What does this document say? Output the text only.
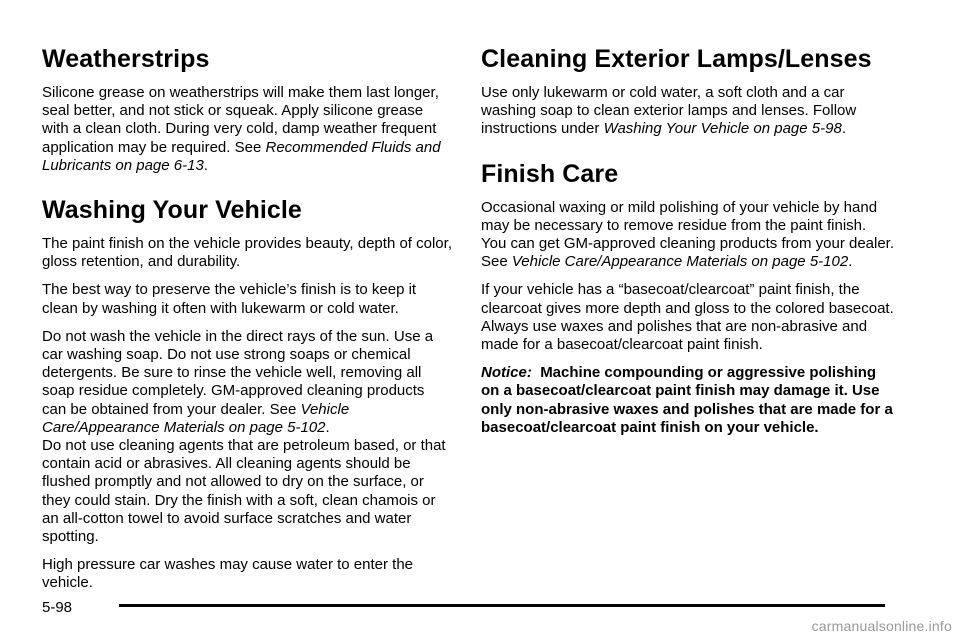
Weatherstrips

Silicone grease on weatherstrips will make them last longer, seal better, and not stick or squeak. Apply silicone grease with a clean cloth. During very cold, damp weather frequent application may be required. See Recommended Fluids and Lubricants on page 6-13.

Washing Your Vehicle

The paint finish on the vehicle provides beauty, depth of color, gloss retention, and durability.

The best way to preserve the vehicle’s finish is to keep it clean by washing it often with lukewarm or cold water.

Do not wash the vehicle in the direct rays of the sun. Use a car washing soap. Do not use strong soaps or chemical detergents. Be sure to rinse the vehicle well, removing all soap residue completely. GM-approved cleaning products can be obtained from your dealer. See Vehicle Care/Appearance Materials on page 5-102.
Do not use cleaning agents that are petroleum based, or that contain acid or abrasives. All cleaning agents should be flushed promptly and not allowed to dry on the surface, or they could stain. Dry the finish with a soft, clean chamois or an all-cotton towel to avoid surface scratches and water spotting.

High pressure car washes may cause water to enter the vehicle.

Cleaning Exterior Lamps/Lenses

Use only lukewarm or cold water, a soft cloth and a car washing soap to clean exterior lamps and lenses. Follow instructions under Washing Your Vehicle on page 5-98.

Finish Care

Occasional waxing or mild polishing of your vehicle by hand may be necessary to remove residue from the paint finish. You can get GM-approved cleaning products from your dealer. See Vehicle Care/Appearance Materials on page 5-102.

If your vehicle has a “basecoat/clearcoat” paint finish, the clearcoat gives more depth and gloss to the colored basecoat. Always use waxes and polishes that are non-abrasive and made for a basecoat/clearcoat paint finish.

Notice: Machine compounding or aggressive polishing on a basecoat/clearcoat paint finish may damage it. Use only non-abrasive waxes and polishes that are made for a basecoat/clearcoat paint finish on your vehicle.

5-98
carmanualsonline.info
